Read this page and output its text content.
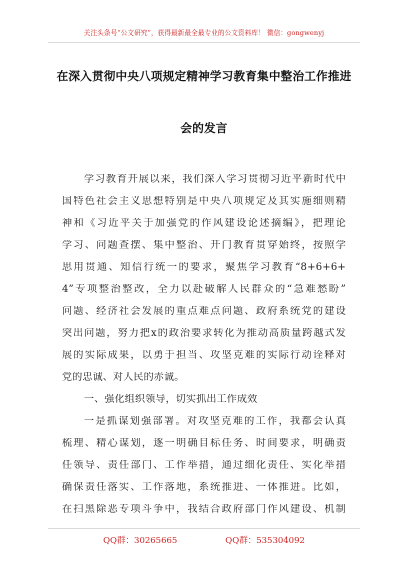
关注头条号“公文研究”，获得最新最全最专业的公文资料库！ 微信：gongwenyj
在深入贯彻中央八项规定精神学习教育集中整治工作推进
会的发言
学习教育开展以来，我们深入学习贯彻习近平新时代中
国特色社会主义思想特别是中央八项规定及其实施细则精
神和《习近平关于加强党的作风建设论述摘编》，把理论
学习、问题查摆、集中整治、开门教育贯穿始终，按照学
思用贯通、知信行统一的要求，聚焦学习教育“8+6+6+
4”专项整治整改，全力以赴破解人民群众的“急难愁盼”
问题、经济社会发展的重点难点问题、政府系统党的建设
突出问题，努力把x的政治要求转化为推动高质量跨越式发
展的实际成果，以勇于担当、攻坚克难的实际行动诠释对
党的忠诚、对人民的赤诚。
一、强化组织领导，切实抓出工作成效
一是抓谋划强部署。对攻坚克难的工作，我都会认真
梳理、精心谋划，逐一明确目标任务、时间要求，明确责
任领导、责任部门、工作举措，通过细化责任、实化举措
确保责任落实、工作落地，系统推进、一体推进。比如，
在扫黑除恶专项斗争中，我结合政府部门作风建设、机制
QQ群：30265665	QQ群：535304092
